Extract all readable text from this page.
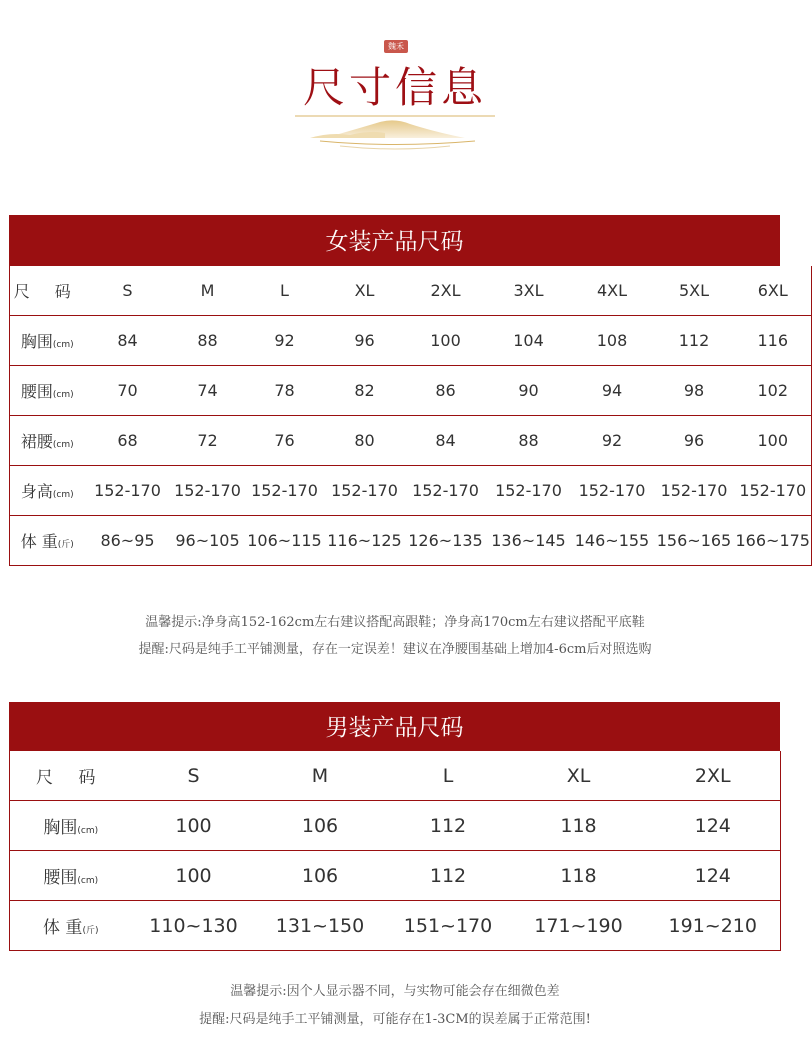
魏禾
尺寸信息
女装产品尺码
尺 码	S	M	L	XL	2XL	3XL	4XL	5XL	6XL
胸围(cm)	84	88	92	96	100	104	108	112	116
腰围(cm)	70	74	78	82	86	90	94	98	102
裙腰(cm)	68	72	76	80	84	88	92	96	100
身高(cm)	152-170	152-170	152-170	152-170	152-170	152-170	152-170	152-170	152-170
体 重(斤)	86~95	96~105	106~115	116~125	126~135	136~145	146~155	156~165	166~175
温馨提示:净身高152-162cm左右建议搭配高跟鞋；净身高170cm左右建议搭配平底鞋
提醒:尺码是纯手工平铺测量，存在一定误差！建议在净腰围基础上增加4-6cm后对照选购
男装产品尺码
尺 码	S	M	L	XL	2XL
胸围(cm)	100	106	112	118	124
腰围(cm)	100	106	112	118	124
体 重(斤)	110~130	131~150	151~170	171~190	191~210
温馨提示:因个人显示器不同，与实物可能会存在细微色差
提醒:尺码是纯手工平铺测量，可能存在1-3CM的误差属于正常范围!
